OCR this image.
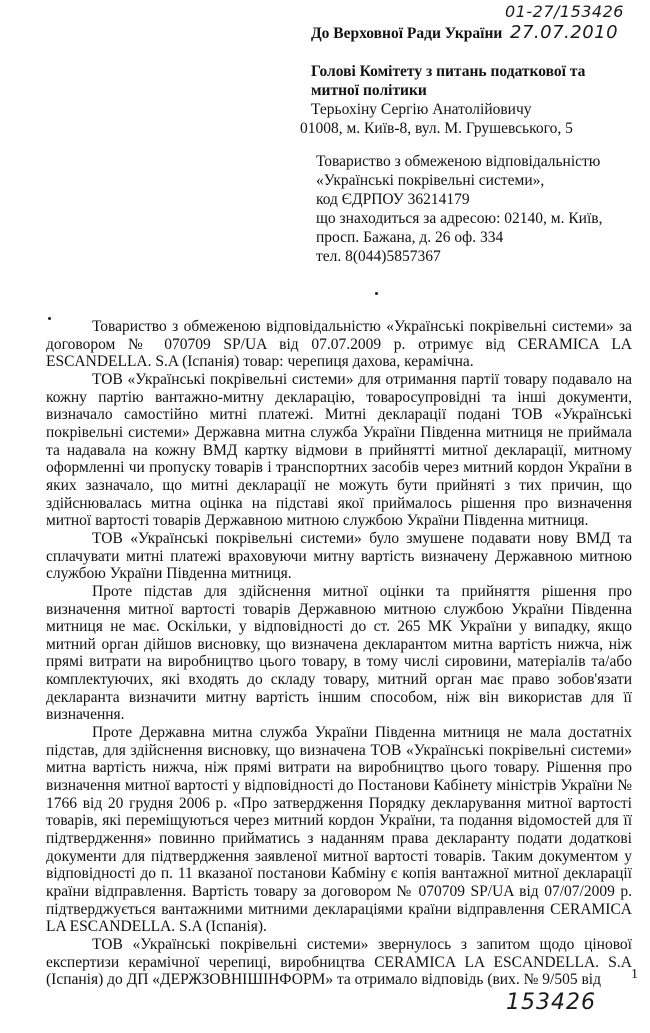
01-27/153426
27.07.2010
До Верховної Ради України
Голові Комітету з питань податкової та
митної політики
Терьохіну Сергію Анатолійовичу
01008, м. Київ-8, вул. М. Грушевського, 5
Товариство з обмеженою відповідальністю
«Українські покрівельні системи»,
код ЄДРПОУ 36214179
що знаходиться за адресою: 02140, м. Київ,
просп. Бажана, д. 26 оф. 334
тел. 8(044)5857367

Товариство з обмеженою відповідальністю «Українські покрівельні системи» за договором № 070709 SP/UA від 07.07.2009 р. отримує від CERAMICA LA ESCANDELLA. S.A (Іспанія) товар: черепиця дахова, керамічна.

ТОВ «Українські покрівельні системи» для отримання партії товару подавало на кожну партію вантажно-митну декларацію, товаросупровідні та інші документи, визначало самостійно митні платежі. Митні декларації подані ТОВ «Українські покрівельні системи» Державна митна служба України Південна митниця не приймала та надавала на кожну ВМД картку відмови в прийнятті митної декларації, митному оформленні чи пропуску товарів і транспортних засобів через митний кордон України в яких зазначало, що митні декларації не можуть бути прийняті з тих причин, що здійснювалась митна оцінка на підставі якої приймалось рішення про визначення митної вартості товарів Державною митною службою України Південна митниця.

ТОВ «Українські покрівельні системи» було змушене подавати нову ВМД та сплачувати митні платежі враховуючи митну вартість визначену Державною митною службою України Південна митниця.

Проте підстав для здійснення митної оцінки та прийняття рішення про визначення митної вартості товарів Державною митною службою України Південна митниця не має. Оскільки, у відповідності до ст. 265 МК України у випадку, якщо митний орган дійшов висновку, що визначена декларантом митна вартість нижча, ніж прямі витрати на виробництво цього товару, в тому числі сировини, матеріалів та/або комплектуючих, які входять до складу товару, митний орган має право зобов'язати декларанта визначити митну вартість іншим способом, ніж він використав для її визначення.

Проте Державна митна служба України Південна митниця не мала достатніх підстав, для здійснення висновку, що визначена ТОВ «Українські покрівельні системи» митна вартість нижча, ніж прямі витрати на виробництво цього товару. Рішення про визначення митної вартості у відповідності до Постанови Кабінету міністрів України № 1766 від 20 грудня 2006 р. «Про затвердження Порядку декларування митної вартості товарів, які переміщуються через митний кордон України, та подання відомостей для її підтвердження» повинно прийматись з наданням права декларанту подати додаткові документи для підтвердження заявленої митної вартості товарів. Таким документом у відповідності до п. 11 вказаної постанови Кабміну є копія вантажної митної декларації країни відправлення. Вартість товару за договором № 070709 SP/UA від 07/07/2009 р. підтверджується вантажними митними деклараціями країни відправлення CERAMICA LA ESCANDELLA. S.A (Іспанія).

ТОВ «Українські покрівельні системи» звернулось з запитом щодо цінової експертизи керамічної черепиці, виробництва CERAMICA LA ESCANDELLA. S.A (Іспанія) до ДП «ДЕРЖЗОВНІШІНФОРМ» та отримало відповідь (вих. № 9/505 від	1
153426
